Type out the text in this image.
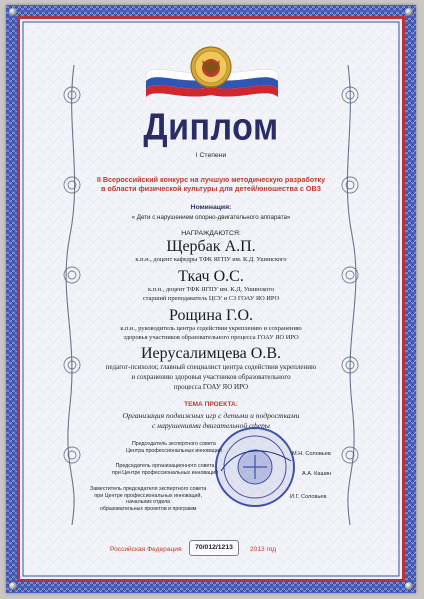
Диплом
I Степени
II Всероссийский конкурс на лучшую методическую разработку
в области физической культуры для детей/юношества с ОВЗ
Номинация:
« Дети с нарушением опорно-двигательного аппарата»
НАГРАЖДАЮТСЯ:
Щербак А.П.
к.п.н., доцент кафедры ТФК ЯГПУ им. К.Д. Ушинского
Ткач О.С.
к.п.н., доцент ТФК ЯГПУ им. К.Д. Ушинского
старший преподаватель ЦСУ и СЗ ГОАУ ЯО ИРО
Рощина Г.О.
к.п.н., руководитель центра содействия укреплению и сохранению
здоровья участников образовательного процесса ГОАУ ЯО ИРО
Иерусалимцева О.В.
педагог-психолог, главный специалист центра содействия укреплению
и сохранению здоровья участников образовательного
процесса ГОАУ ЯО ИРО
ТЕМА ПРОЕКТА:
Организация подвижных игр с детьми и подростками
с нарушениями двигательной сферы
Председатель экспертного совета
Центра профессиональных инноваций
М.Н. Соловьев
Председатель организационного совета
при Центре профессиональных инноваций	А.А. Кашин
Заместитель председателя экспертного совета
при Центре профессиональных инноваций,
начальник отдела
образовательных проектов и программ
И.Г. Соловьев
Российская Федерация	70/012/1213	2013 год
